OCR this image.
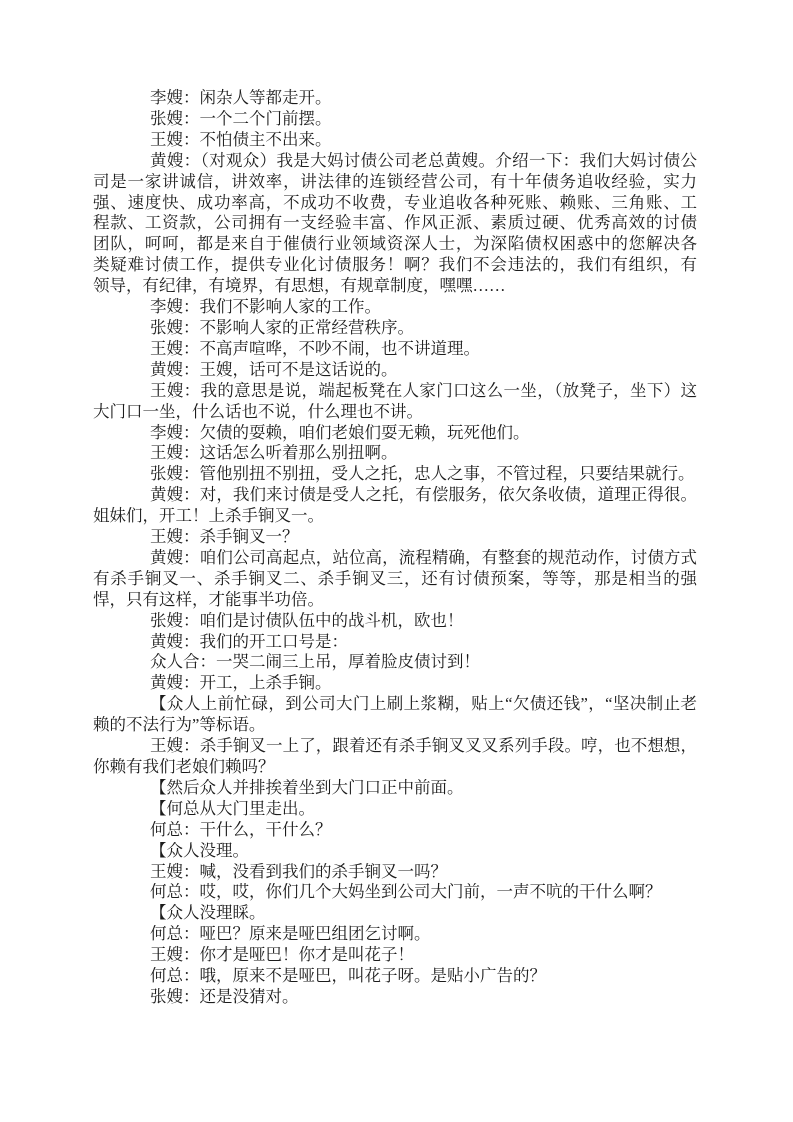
李嫂：闲杂人等都走开。
张嫂：一个二个门前摆。
王嫂：不怕债主不出来。
黄嫂：（对观众）我是大妈讨债公司老总黄嫂。介绍一下：我们大妈讨债公
司是一家讲诚信，讲效率，讲法律的连锁经营公司，有十年债务追收经验，实力
强、速度快、成功率高，不成功不收费，专业追收各种死账、赖账、三角账、工
程款、工资款，公司拥有一支经验丰富、作风正派、素质过硬、优秀高效的讨债
团队，呵呵，都是来自于催债行业领域资深人士，为深陷债权困惑中的您解决各
类疑难讨债工作，提供专业化讨债服务！啊？我们不会违法的，我们有组织，有
领导，有纪律，有境界，有思想，有规章制度，嘿嘿……
李嫂：我们不影响人家的工作。
张嫂：不影响人家的正常经营秩序。
王嫂：不高声喧哗，不吵不闹，也不讲道理。
黄嫂：王嫂，话可不是这话说的。
王嫂：我的意思是说，端起板凳在人家门口这么一坐，（放凳子，坐下）这
大门口一坐，什么话也不说，什么理也不讲。
李嫂：欠债的耍赖，咱们老娘们耍无赖，玩死他们。
王嫂：这话怎么听着那么别扭啊。
张嫂：管他别扭不别扭，受人之托，忠人之事，不管过程，只要结果就行。
黄嫂：对，我们来讨债是受人之托，有偿服务，依欠条收债，道理正得很。
姐妹们，开工！上杀手锏叉一。
王嫂：杀手锏叉一？
黄嫂：咱们公司高起点，站位高，流程精确，有整套的规范动作，讨债方式
有杀手锏叉一、杀手锏叉二、杀手锏叉三，还有讨债预案，等等，那是相当的强
悍，只有这样，才能事半功倍。
张嫂：咱们是讨债队伍中的战斗机，欧也！
黄嫂：我们的开工口号是：
众人合：一哭二闹三上吊，厚着脸皮债讨到！
黄嫂：开工，上杀手锏。
【众人上前忙碌，到公司大门上刷上浆糊，贴上“欠债还钱”，“坚决制止老
赖的不法行为”等标语。
王嫂：杀手锏叉一上了，跟着还有杀手锏叉叉叉系列手段。哼，也不想想，
你赖有我们老娘们赖吗？
【然后众人并排挨着坐到大门口正中前面。
【何总从大门里走出。
何总：干什么，干什么？
【众人没理。
王嫂：喊，没看到我们的杀手锏叉一吗？
何总：哎，哎，你们几个大妈坐到公司大门前，一声不吭的干什么啊？
【众人没理睬。
何总：哑巴？原来是哑巴组团乞讨啊。
王嫂：你才是哑巴！你才是叫花子！
何总：哦，原来不是哑巴，叫花子呀。是贴小广告的？
张嫂：还是没猜对。
